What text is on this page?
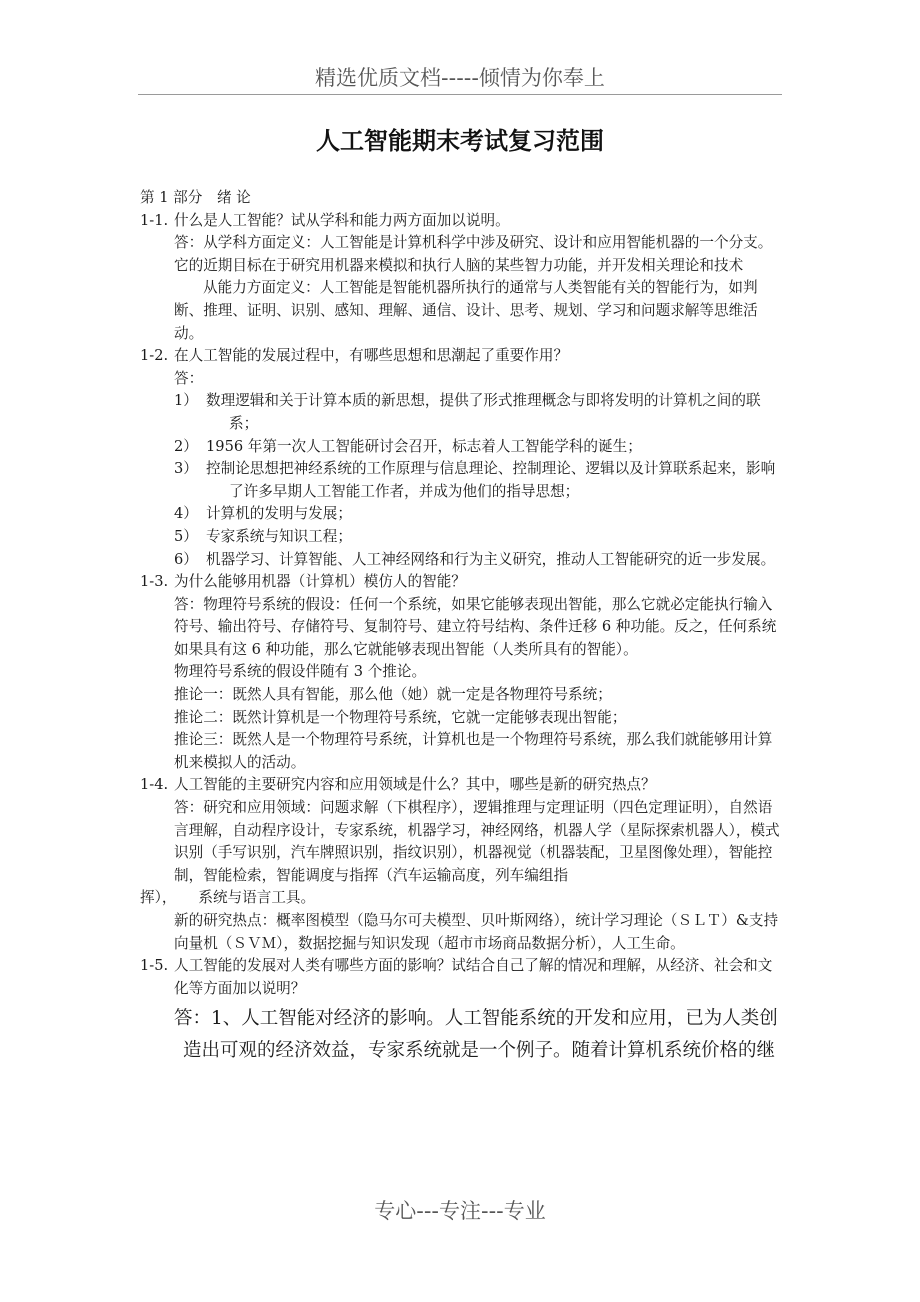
精选优质文档-----倾情为你奉上
人工智能期末考试复习范围

第 1 部分　绪 论

1-1. 什么是人工智能？试从学科和能力两方面加以说明。

答：从学科方面定义：人工智能是计算机科学中涉及研究、设计和应用智能机器的一个分支。它的近期目标在于研究用机器来模拟和执行人脑的某些智力功能，并开发相关理论和技术

从能力方面定义：人工智能是智能机器所执行的通常与人类智能有关的智能行为，如判断、推理、证明、识别、感知、理解、通信、设计、思考、规划、学习和问题求解等思维活动。

1-2. 在人工智能的发展过程中，有哪些思想和思潮起了重要作用？

答：

1） 数理逻辑和关于计算本质的新思想，提供了形式推理概念与即将发明的计算机之间的联系；

2） 1956 年第一次人工智能研讨会召开，标志着人工智能学科的诞生；

3） 控制论思想把神经系统的工作原理与信息理论、控制理论、逻辑以及计算联系起来，影响了许多早期人工智能工作者，并成为他们的指导思想；

4） 计算机的发明与发展；

5） 专家系统与知识工程；

6） 机器学习、计算智能、人工神经网络和行为主义研究，推动人工智能研究的近一步发展。

1-3. 为什么能够用机器（计算机）模仿人的智能？

答：物理符号系统的假设：任何一个系统，如果它能够表现出智能，那么它就必定能执行输入符号、输出符号、存储符号、复制符号、建立符号结构、条件迁移 6 种功能。反之，任何系统如果具有这 6 种功能，那么它就能够表现出智能（人类所具有的智能）。

物理符号系统的假设伴随有 3 个推论。

推论一：既然人具有智能，那么他（她）就一定是各物理符号系统；

推论二：既然计算机是一个物理符号系统，它就一定能够表现出智能；

推论三：既然人是一个物理符号系统，计算机也是一个物理符号系统，那么我们就能够用计算机来模拟人的活动。

1-4. 人工智能的主要研究内容和应用领域是什么？其中，哪些是新的研究热点？

答：研究和应用领域：问题求解（下棋程序），逻辑推理与定理证明（四色定理证明），自然语言理解，自动程序设计，专家系统，机器学习，神经网络，机器人学（星际探索机器人），模式识别（手写识别，汽车牌照识别，指纹识别），机器视觉（机器装配，卫星图像处理），智能控制，智能检索，智能调度与指挥（汽车运输高度，列车编组指

挥），　　系统与语言工具。

新的研究热点：概率图模型（隐马尔可夫模型、贝叶斯网络），统计学习理论（ＳＬＴ）&支持向量机（ＳＶＭ），数据挖掘与知识发现（超市市场商品数据分析），人工生命。

1-5. 人工智能的发展对人类有哪些方面的影响？试结合自己了解的情况和理解，从经济、社会和文化等方面加以说明？

答：1、人工智能对经济的影响。人工智能系统的开发和应用，已为人类创

造出可观的经济效益，专家系统就是一个例子。随着计算机系统价格的继

专心---专注---专业
